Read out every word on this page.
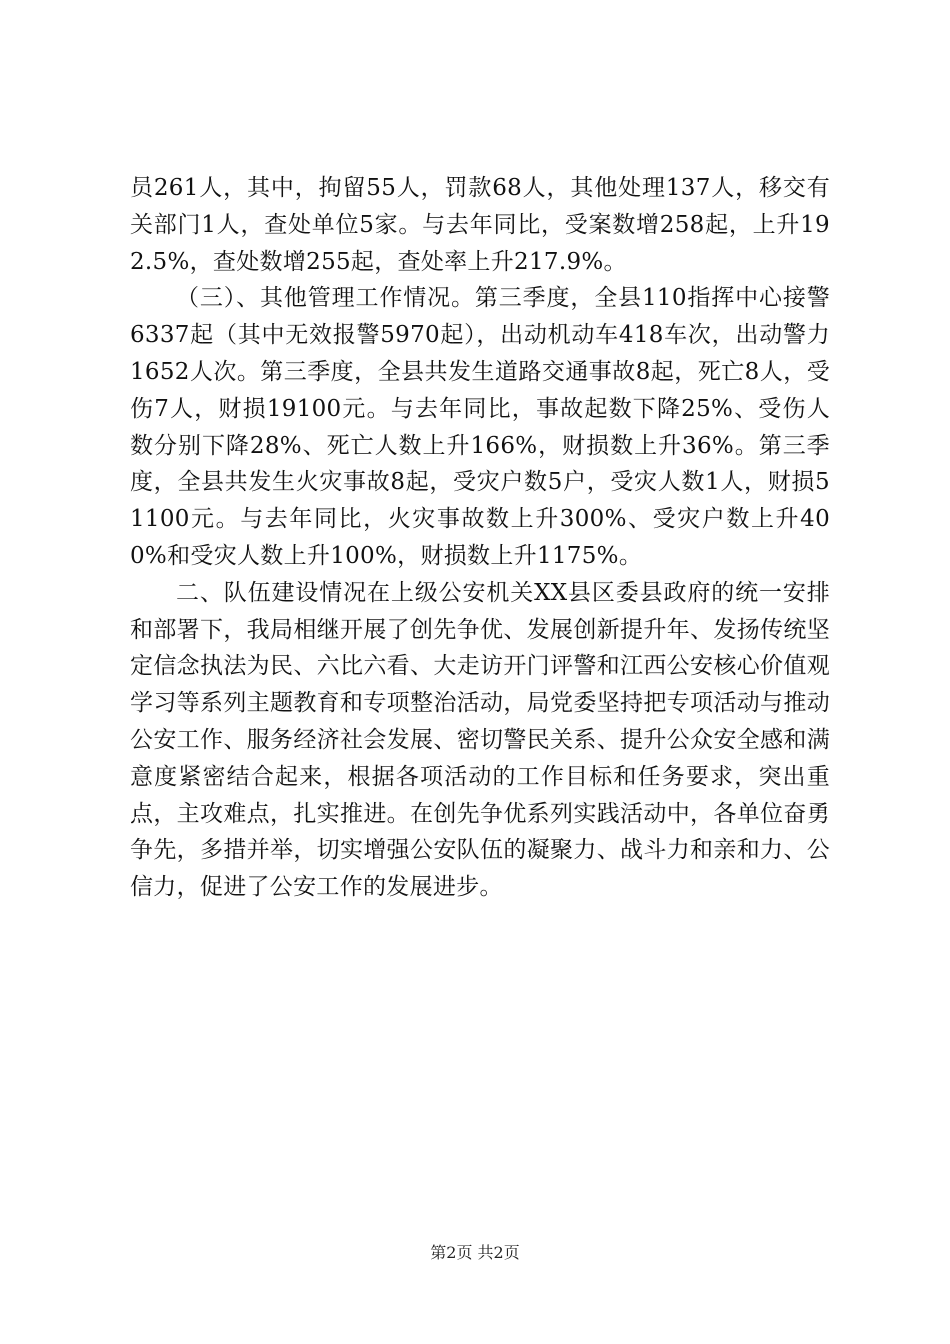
员261人，其中，拘留55人，罚款68人，其他处理137人，移交有关部门1人，查处单位5家。与去年同比，受案数增258起，上升192.5%，查处数增255起，查处率上升217.9%。

（三）、其他管理工作情况。第三季度，全县110指挥中心接警6337起（其中无效报警5970起），出动机动车418车次，出动警力1652人次。第三季度，全县共发生道路交通事故8起，死亡8人，受伤7人，财损19100元。与去年同比，事故起数下降25%、受伤人数分别下降28%、死亡人数上升166%，财损数上升36%。第三季度，全县共发生火灾事故8起，受灾户数5户，受灾人数1人，财损51100元。与去年同比，火灾事故数上升300%、受灾户数上升400%和受灾人数上升100%，财损数上升1175%。

二、队伍建设情况在上级公安机关XX县区委县政府的统一安排和部署下，我局相继开展了创先争优、发展创新提升年、发扬传统坚定信念执法为民、六比六看、大走访开门评警和江西公安核心价值观学习等系列主题教育和专项整治活动，局党委坚持把专项活动与推动公安工作、服务经济社会发展、密切警民关系、提升公众安全感和满意度紧密结合起来，根据各项活动的工作目标和任务要求，突出重点，主攻难点，扎实推进。在创先争优系列实践活动中，各单位奋勇争先，多措并举，切实增强公安队伍的凝聚力、战斗力和亲和力、公信力，促进了公安工作的发展进步。

第2页 共2页
